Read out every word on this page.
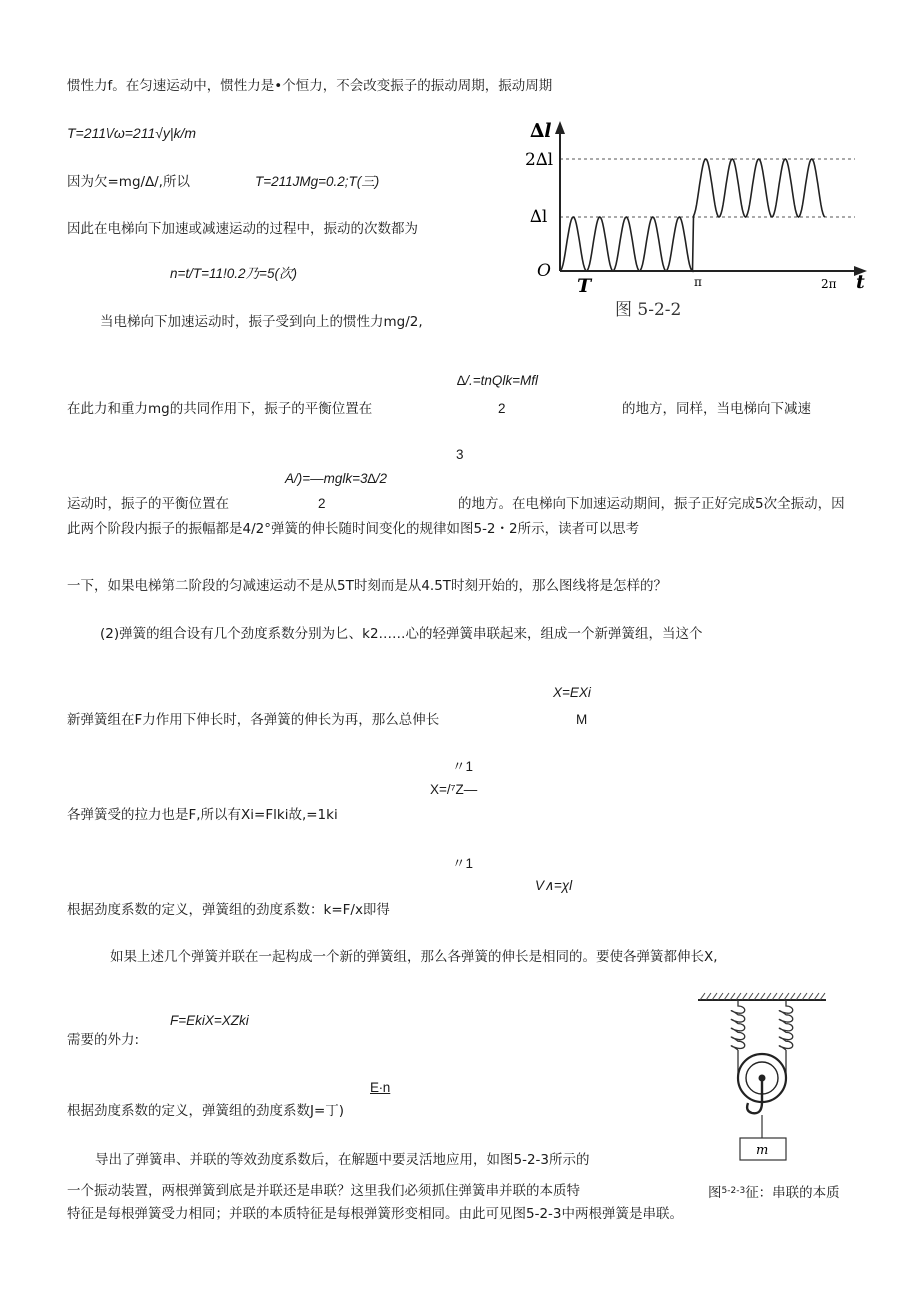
惯性力f。在匀速运动中，惯性力是•个恒力，不会改变振子的振动周期，振动周期
T=211\/ω=211√y|k/m
因为欠=mg/∆/,所以	T=211JMg=0.2;T(三)
因此在电梯向下加速或减速运动的过程中，振动的次数都为
n=t/T=11!0.2乃=5(次)
当电梯向下加速运动时，振子受到向上的惯性力mg/2,
∆/.=tnQlk=Mfl
在此力和重力mg的共同作用下，振子的平衡位置在	2	的地方，同样，当电梯向下减速
3
A/)=—mglk=3∆/2
运动时，振子的平衡位置在	2	的地方。在电梯向下加速运动期间，振子正好完成5次全振动，因
此两个阶段内振子的振幅都是4/2°弹簧的伸长随时间变化的规律如图5-2・2所示，读者可以思考
一下，如果电梯第二阶段的匀减速运动不是从5T时刻而是从4.5T时刻开始的，那么图线将是怎样的？
(2)弹簧的组合设有几个劲度系数分别为匕、k2……心的轻弹簧串联起来，组成一个新弹簧组，当这个
X=EXi
新弹簧组在F力作用下伸长时，各弹簧的伸长为再，那么总伸长	M
〃1
X=/⁷Z—
各弹簧受的拉力也是F,所以有Xi=Flki故,=1ki
〃1
V∧=χl
根据劲度系数的定义，弹簧组的劲度系数：k=F/x即得
如果上述几个弹簧并联在一起构成一个新的弹簧组，那么各弹簧的伸长是相同的。要使各弹簧都伸长X,
F=EkiX=XZki
需要的外力:
E∙n
根据劲度系数的定义，弹簧组的劲度系数J=丁)
导出了弹簧串、并联的等效劲度系数后，在解题中要灵活地应用，如图5-2-3所示的
一个振动装置，两根弹簧到底是并联还是串联？这里我们必须抓住弹簧串并联的本质特	图$^{5-2-3}$征：串联的本质
特征是每根弹簧受力相同；并联的本质特征是每根弹簧形变相同。由此可见图5-2-3中两根弹簧是串联。
∆l
t
2∆l
∆l
O
T	π	2π
图 5-2-2
m
